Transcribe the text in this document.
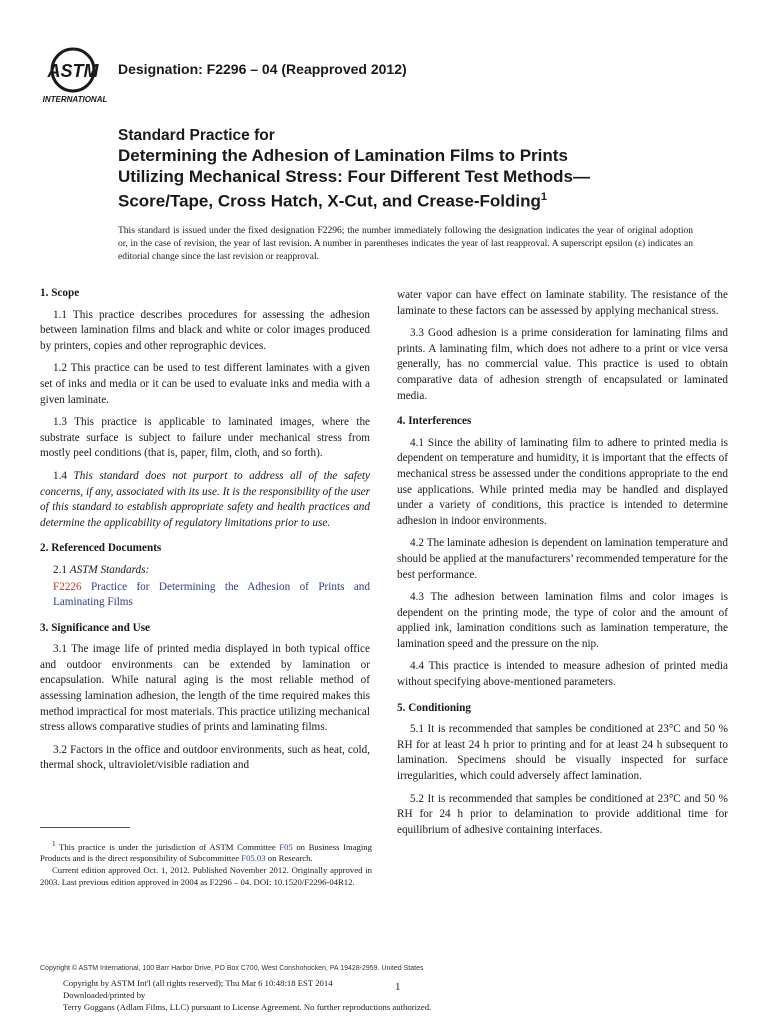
ASTM
INTERNATIONAL
Designation: F2296 – 04 (Reapproved 2012)
Standard Practice for
Determining the Adhesion of Lamination Films to Prints
Utilizing Mechanical Stress: Four Different Test Methods—
Score/Tape, Cross Hatch, X-Cut, and Crease-Folding$^1$
This standard is issued under the fixed designation F2296; the number immediately following the designation indicates the year of original adoption or, in the case of revision, the year of last revision. A number in parentheses indicates the year of last reapproval. A superscript epsilon (ε) indicates an editorial change since the last revision or reapproval.
1. Scope

1.1 This practice describes procedures for assessing the adhesion between lamination films and black and white or color images produced by printers, copies and other reprographic devices.

1.2 This practice can be used to test different laminates with a given set of inks and media or it can be used to evaluate inks and media with a given laminate.

1.3 This practice is applicable to laminated images, where the substrate surface is subject to failure under mechanical stress from mostly peel conditions (that is, paper, film, cloth, and so forth).

1.4 This standard does not purport to address all of the safety concerns, if any, associated with its use. It is the responsibility of the user of this standard to establish appropriate safety and health practices and determine the applicability of regulatory limitations prior to use.

2. Referenced Documents

2.1 ASTM Standards:

F2226 Practice for Determining the Adhesion of Prints and Laminating Films

3. Significance and Use

3.1 The image life of printed media displayed in both typical office and outdoor environments can be extended by lamination or encapsulation. While natural aging is the most reliable method of assessing lamination adhesion, the length of the time required makes this method impractical for most materials. This practice utilizing mechanical stress allows comparative studies of prints and laminating films.

3.2 Factors in the office and outdoor environments, such as heat, cold, thermal shock, ultraviolet/visible radiation and

water vapor can have effect on laminate stability. The resistance of the laminate to these factors can be assessed by applying mechanical stress.

3.3 Good adhesion is a prime consideration for laminating films and prints. A laminating film, which does not adhere to a print or vice versa generally, has no commercial value. This practice is used to obtain comparative data of adhesion strength of encapsulated or laminated media.

4. Interferences

4.1 Since the ability of laminating film to adhere to printed media is dependent on temperature and humidity, it is important that the effects of mechanical stress be assessed under the conditions appropriate to the end use applications. While printed media may be handled and displayed under a variety of conditions, this practice is intended to determine adhesion in indoor environments.

4.2 The laminate adhesion is dependent on lamination temperature and should be applied at the manufacturers’ recommended temperature for the best performance.

4.3 The adhesion between lamination films and color images is dependent on the printing mode, the type of color and the amount of applied ink, lamination conditions such as lamination temperature, the lamination speed and the pressure on the nip.

4.4 This practice is intended to measure adhesion of printed media without specifying above-mentioned parameters.

5. Conditioning

5.1 It is recommended that samples be conditioned at 23°C and 50 % RH for at least 24 h prior to printing and for at least 24 h subsequent to lamination. Specimens should be visually inspected for surface irregularities, which could adversely affect lamination.

5.2 It is recommended that samples be conditioned at 23°C and 50 % RH for 24 h prior to delamination to provide additional time for equilibrium of adhesive containing interfaces.

$^1$ This practice is under the jurisdiction of ASTM Committee F05 on Business Imaging Products and is the direct responsibility of Subcommittee F05.03 on Research.

Current edition approved Oct. 1, 2012. Published November 2012. Originally approved in 2003. Last previous edition approved in 2004 as F2296 – 04. DOI: 10.1520/F2296-04R12.

Copyright © ASTM International, 100 Barr Harbor Drive, PO Box C700, West Conshohocken, PA 19428-2959. United States
Copyright by ASTM Int'l (all rights reserved); Thu Mar 6 10:48:18 EST 2014
Downloaded/printed by
Terry Goggans (Adlam Films, LLC) pursuant to License Agreement. No further reproductions authorized.
1
